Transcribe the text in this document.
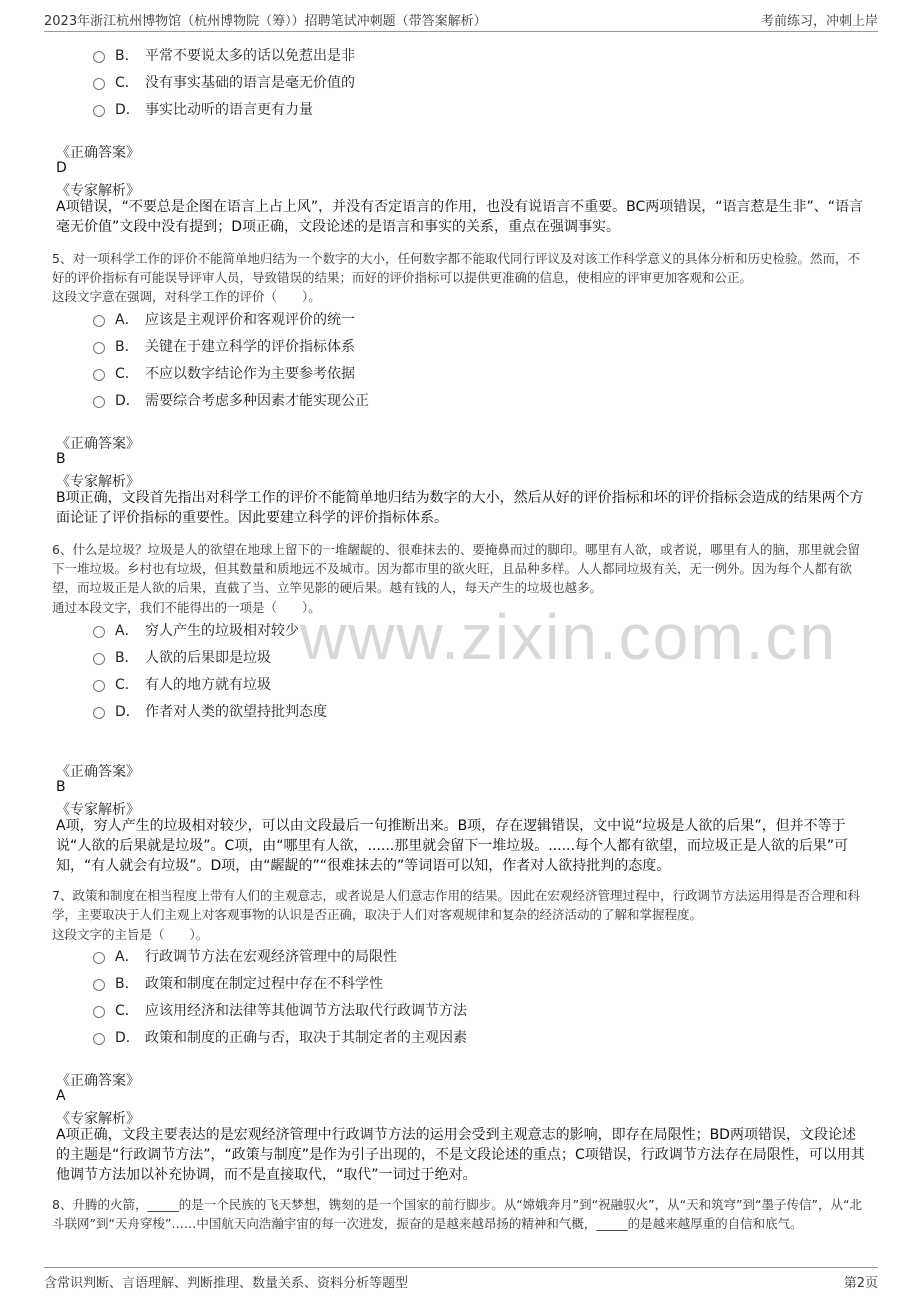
2023年浙江杭州博物馆（杭州博物院（筹））招聘笔试冲刺题（带答案解析）	考前练习，冲刺上岸
www.zixin.com.cn
B． 平常不要说太多的话以免惹出是非
C． 没有事实基础的语言是毫无价值的
D． 事实比动听的语言更有力量
《正确答案》
D
《专家解析》
A项错误，“不要总是企图在语言上占上风”，并没有否定语言的作用，也没有说语言不重要。BC两项错误，“语言惹是生非”、“语言毫无价值”文段中没有提到；D项正确，文段论述的是语言和事实的关系，重点在强调事实。
5、对一项科学工作的评价不能简单地归结为一个数字的大小，任何数字都不能取代同行评议及对该工作科学意义的具体分析和历史检验。然而，不好的评价指标有可能误导评审人员，导致错误的结果；而好的评价指标可以提供更准确的信息，使相应的评审更加客观和公正。
这段文字意在强调，对科学工作的评价（　　）。
A． 应该是主观评价和客观评价的统一
B． 关键在于建立科学的评价指标体系
C． 不应以数字结论作为主要参考依据
D． 需要综合考虑多种因素才能实现公正
《正确答案》
B
《专家解析》
B项正确，文段首先指出对科学工作的评价不能简单地归结为数字的大小，然后从好的评价指标和坏的评价指标会造成的结果两个方面论证了评价指标的重要性。因此要建立科学的评价指标体系。
6、什么是垃圾？垃圾是人的欲望在地球上留下的一堆龌龊的、很难抹去的、要掩鼻而过的脚印。哪里有人欲，或者说，哪里有人的脑，那里就会留下一堆垃圾。乡村也有垃圾，但其数量和质地远不及城市。因为都市里的欲火旺，且品种多样。人人都同垃圾有关，无一例外。因为每个人都有欲望，而垃圾正是人欲的后果，直截了当、立竿见影的硬后果。越有钱的人，每天产生的垃圾也越多。
通过本段文字，我们不能得出的一项是（　　）。
A． 穷人产生的垃圾相对较少
B． 人欲的后果即是垃圾
C． 有人的地方就有垃圾
D． 作者对人类的欲望持批判态度
《正确答案》
B
《专家解析》
A项，穷人产生的垃圾相对较少，可以由文段最后一句推断出来。B项，存在逻辑错误，文中说“垃圾是人欲的后果”，但并不等于说“人欲的后果就是垃圾”。C项，由“哪里有人欲，......那里就会留下一堆垃圾。......每个人都有欲望，而垃圾正是人欲的后果”可知，“有人就会有垃圾”。D项，由“龌龊的”“很难抹去的”等词语可以知，作者对人欲持批判的态度。
7、政策和制度在相当程度上带有人们的主观意志，或者说是人们意志作用的结果。因此在宏观经济管理过程中，行政调节方法运用得是否合理和科学，主要取决于人们主观上对客观事物的认识是否正确，取决于人们对客观规律和复杂的经济活动的了解和掌握程度。
这段文字的主旨是（　　）。
A． 行政调节方法在宏观经济管理中的局限性
B． 政策和制度在制定过程中存在不科学性
C． 应该用经济和法律等其他调节方法取代行政调节方法
D． 政策和制度的正确与否，取决于其制定者的主观因素
《正确答案》
A
《专家解析》
A项正确，文段主要表达的是宏观经济管理中行政调节方法的运用会受到主观意志的影响，即存在局限性；BD两项错误，文段论述的主题是“行政调节方法”，“政策与制度”是作为引子出现的，不是文段论述的重点；C项错误，行政调节方法存在局限性，可以用其他调节方法加以补充协调，而不是直接取代，“取代”一词过于绝对。
8、升腾的火箭，_____的是一个民族的飞天梦想，镌刻的是一个国家的前行脚步。从“嫦娥奔月”到“祝融驭火”，从“天和筑穹”到“墨子传信”，从“北斗联网”到“天舟穿梭”……中国航天向浩瀚宇宙的每一次进发，振奋的是越来越昂扬的精神和气概，_____的是越来越厚重的自信和底气。
含常识判断、言语理解、判断推理、数量关系、资料分析等题型	第2页
